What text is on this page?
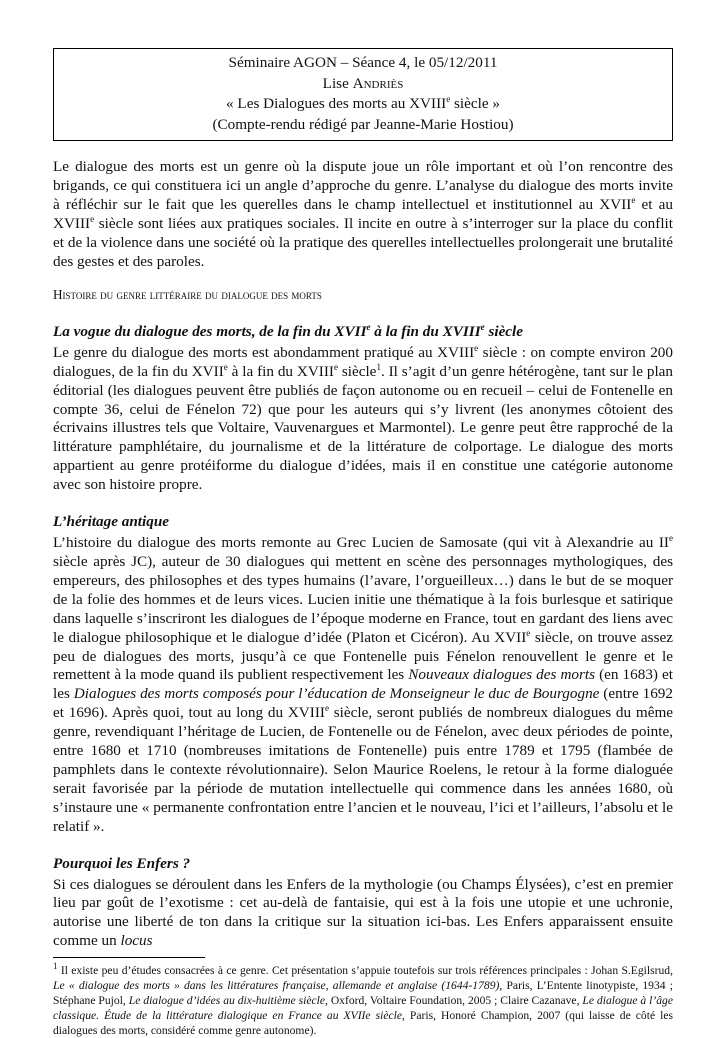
Séminaire AGON – Séance 4, le 05/12/2011
Lise Andriès
« Les Dialogues des morts au XVIIIe siècle »
(Compte-rendu rédigé par Jeanne-Marie Hostiou)

Le dialogue des morts est un genre où la dispute joue un rôle important et où l’on rencontre des brigands, ce qui constituera ici un angle d’approche du genre. L’analyse du dialogue des morts invite à réfléchir sur le fait que les querelles dans le champ intellectuel et institutionnel au XVIIe et au XVIIIe siècle sont liées aux pratiques sociales. Il incite en outre à s’interroger sur la place du conflit et de la violence dans une société où la pratique des querelles intellectuelles prolongerait une brutalité des gestes et des paroles.

Histoire du genre littéraire du dialogue des morts
La vogue du dialogue des morts, de la fin du XVIIe à la fin du XVIIIe siècle

Le genre du dialogue des morts est abondamment pratiqué au XVIIIe siècle : on compte environ 200 dialogues, de la fin du XVIIe à la fin du XVIIIe siècle$^1$. Il s’agit d’un genre hétérogène, tant sur le plan éditorial (les dialogues peuvent être publiés de façon autonome ou en recueil – celui de Fontenelle en compte 36, celui de Fénelon 72) que pour les auteurs qui s’y livrent (les anonymes côtoient des écrivains illustres tels que Voltaire, Vauvenargues et Marmontel). Le genre peut être rapproché de la littérature pamphlétaire, du journalisme et de la littérature de colportage. Le dialogue des morts appartient au genre protéiforme du dialogue d’idées, mais il en constitue une catégorie autonome avec son histoire propre.

L’héritage antique

L’histoire du dialogue des morts remonte au Grec Lucien de Samosate (qui vit à Alexandrie au IIe siècle après JC), auteur de 30 dialogues qui mettent en scène des personnages mythologiques, des empereurs, des philosophes et des types humains (l’avare, l’orgueilleux…) dans le but de se moquer de la folie des hommes et de leurs vices. Lucien initie une thématique à la fois burlesque et satirique dans laquelle s’inscriront les dialogues de l’époque moderne en France, tout en gardant des liens avec le dialogue philosophique et le dialogue d’idée (Platon et Cicéron). Au XVIIe siècle, on trouve assez peu de dialogues des morts, jusqu’à ce que Fontenelle puis Fénelon renouvellent le genre et le remettent à la mode quand ils publient respectivement les Nouveaux dialogues des morts (en 1683) et les Dialogues des morts composés pour l’éducation de Monseigneur le duc de Bourgogne (entre 1692 et 1696). Après quoi, tout au long du XVIIIe siècle, seront publiés de nombreux dialogues du même genre, revendiquant l’héritage de Lucien, de Fontenelle ou de Fénelon, avec deux périodes de pointe, entre 1680 et 1710 (nombreuses imitations de Fontenelle) puis entre 1789 et 1795 (flambée de pamphlets dans le contexte révolutionnaire). Selon Maurice Roelens, le retour à la forme dialoguée serait favorisée par la période de mutation intellectuelle qui commence dans les années 1680, où s’instaure une « permanente confrontation entre l’ancien et le nouveau, l’ici et l’ailleurs, l’absolu et le relatif ».

Pourquoi les Enfers ?

Si ces dialogues se déroulent dans les Enfers de la mythologie (ou Champs Élysées), c’est en premier lieu par goût de l’exotisme : cet au-delà de fantaisie, qui est à la fois une utopie et une uchronie, autorise une liberté de ton dans la critique sur la situation ici-bas. Les Enfers apparaissent ensuite comme un locus

$^1$ Il existe peu d’études consacrées à ce genre. Cet présentation s’appuie toutefois sur trois références principales : Johan S.Egilsrud, Le « dialogue des morts » dans les littératures française, allemande et anglaise (1644-1789), Paris, L’Entente linotypiste, 1934 ; Stéphane Pujol, Le dialogue d’idées au dix-huitième siècle, Oxford, Voltaire Foundation, 2005 ; Claire Cazanave, Le dialogue à l’âge classique. Étude de la littérature dialogique en France au XVIIe siècle, Paris, Honoré Champion, 2007 (qui laisse de côté les dialogues des morts, considéré comme genre autonome).
